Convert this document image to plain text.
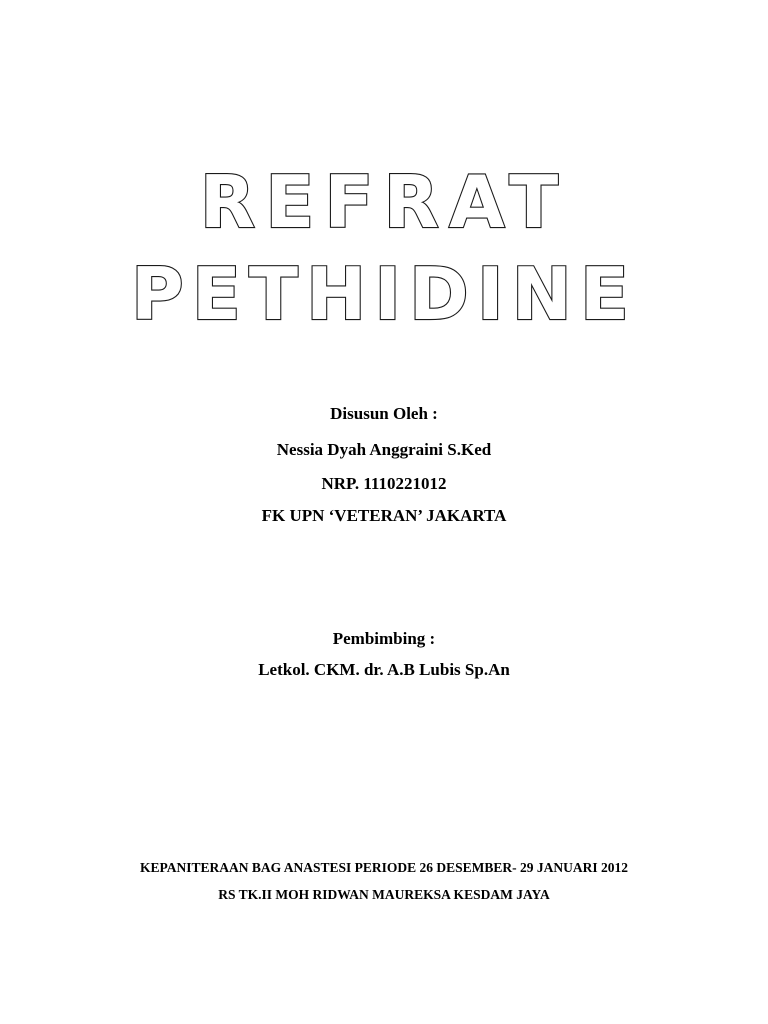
REFRAT
PETHIDINE
Disusun Oleh :
Nessia Dyah Anggraini S.Ked
NRP. 1110221012
FK UPN ‘VETERAN’ JAKARTA
Pembimbing :
Letkol. CKM. dr. A.B Lubis Sp.An
KEPANITERAAN BAG ANASTESI PERIODE 26 DESEMBER- 29 JANUARI 2012
RS TK.II MOH RIDWAN MAUREKSA KESDAM JAYA
